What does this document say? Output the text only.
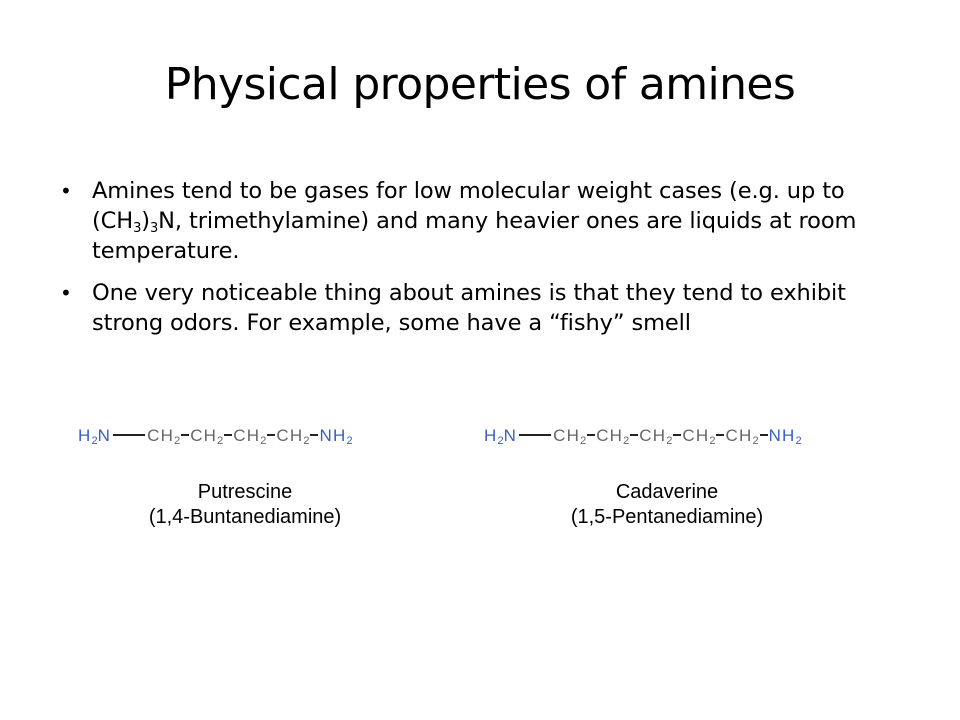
Physical properties of amines
• Amines tend to be gases for low molecular weight cases (e.g. up to $(CH_3)_3N$, trimethylamine) and many heavier ones are liquids at room temperature.
• One very noticeable thing about amines is that they tend to exhibit strong odors. For example, some have a “fishy” smell
$H_2N$ $CH_2$ $CH_2$ $CH_2$ $CH_2$ $NH_2$
Putrescine
(1,4-Buntanediamine)
$H_2N$ $CH_2$ $CH_2$ $CH_2$ $CH_2$ $CH_2$ $NH_2$
Cadaverine
(1,5-Pentanediamine)
